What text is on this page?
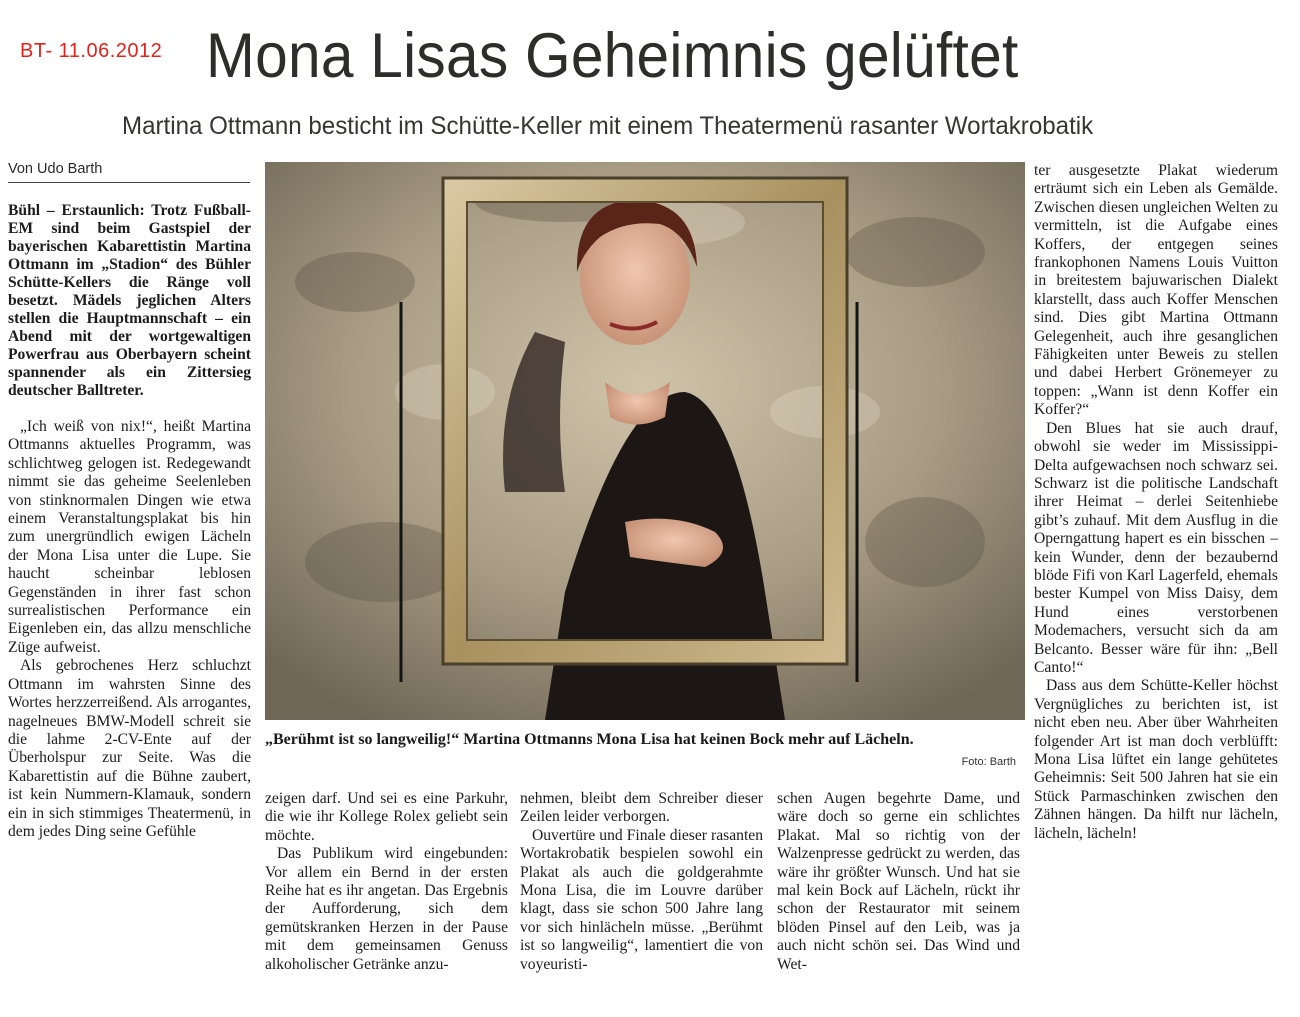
BT- 11.06.2012 Mona Lisas Geheimnis gelüftet
Martina Ottmann besticht im Schütte-Keller mit einem Theatermenü rasanter Wortakrobatik
Von Udo Barth

Bühl – Erstaunlich: Trotz Fußball-EM sind beim Gastspiel der bayerischen Kabarettistin Martina Ottmann im „Stadion“ des Bühler Schütte-Kellers die Ränge voll besetzt. Mädels jeglichen Alters stellen die Hauptmannschaft – ein Abend mit der wortgewaltigen Powerfrau aus Oberbayern scheint spannender als ein Zittersieg deutscher Balltreter.

„Ich weiß von nix!“, heißt Martina Ottmanns aktuelles Programm, was schlichtweg gelogen ist. Redegewandt nimmt sie das geheime Seelenleben von stinknormalen Dingen wie etwa einem Veranstaltungsplakat bis hin zum unergründlich ewigen Lächeln der Mona Lisa unter die Lupe. Sie haucht scheinbar leblosen Gegenständen in ihrer fast schon surrealistischen Performance ein Eigenleben ein, das allzu menschliche Züge aufweist.

Als gebrochenes Herz schluchzt Ottmann im wahrsten Sinne des Wortes herzzerreißend. Als arrogantes, nagelneues BMW-Modell schreit sie die lahme 2-CV-Ente auf der Überholspur zur Seite. Was die Kabarettistin auf die Bühne zaubert, ist kein Nummern-Klamauk, sondern ein in sich stimmiges Theatermenü, in dem jedes Ding seine Gefühle

„Berühmt ist so langweilig!“ Martina Ottmanns Mona Lisa hat keinen Bock mehr auf Lächeln.
Foto: Barth

zeigen darf. Und sei es eine Parkuhr, die wie ihr Kollege Rolex geliebt sein möchte.

Das Publikum wird eingebunden: Vor allem ein Bernd in der ersten Reihe hat es ihr angetan. Das Ergebnis der Aufforderung, sich dem gemütskranken Herzen in der Pause mit dem gemeinsamen Genuss alkoholischer Getränke anzu-

nehmen, bleibt dem Schreiber dieser Zeilen leider verborgen.

Ouvertüre und Finale dieser rasanten Wortakrobatik bespielen sowohl ein Plakat als auch die goldgerahmte Mona Lisa, die im Louvre darüber klagt, dass sie schon 500 Jahre lang vor sich hinlächeln müsse. „Berühmt ist so langweilig“, lamentiert die von voyeuristi-

schen Augen begehrte Dame, und wäre doch so gerne ein schlichtes Plakat. Mal so richtig von der Walzenpresse gedrückt zu werden, das wäre ihr größter Wunsch. Und hat sie mal kein Bock auf Lächeln, rückt ihr schon der Restaurator mit seinem blöden Pinsel auf den Leib, was ja auch nicht schön sei. Das Wind und Wet-

ter ausgesetzte Plakat wiederum erträumt sich ein Leben als Gemälde. Zwischen diesen ungleichen Welten zu vermitteln, ist die Aufgabe eines Koffers, der entgegen seines frankophonen Namens Louis Vuitton in breitestem bajuwarischen Dialekt klarstellt, dass auch Koffer Menschen sind. Dies gibt Martina Ottmann Gelegenheit, auch ihre gesanglichen Fähigkeiten unter Beweis zu stellen und dabei Herbert Grönemeyer zu toppen: „Wann ist denn Koffer ein Koffer?“

Den Blues hat sie auch drauf, obwohl sie weder im Mississippi-Delta aufgewachsen noch schwarz sei. Schwarz ist die politische Landschaft ihrer Heimat – derlei Seitenhiebe gibt’s zuhauf. Mit dem Ausflug in die Operngattung hapert es ein bisschen – kein Wunder, denn der bezaubernd blöde Fifi von Karl Lagerfeld, ehemals bester Kumpel von Miss Daisy, dem Hund eines verstorbenen Modemachers, versucht sich da am Belcanto. Besser wäre für ihn: „Bell Canto!“

Dass aus dem Schütte-Keller höchst Vergnügliches zu berichten ist, ist nicht eben neu. Aber über Wahrheiten folgender Art ist man doch verblüfft: Mona Lisa lüftet ein lange gehütetes Geheimnis: Seit 500 Jahren hat sie ein Stück Parmaschinken zwischen den Zähnen hängen. Da hilft nur lächeln, lächeln, lächeln!
